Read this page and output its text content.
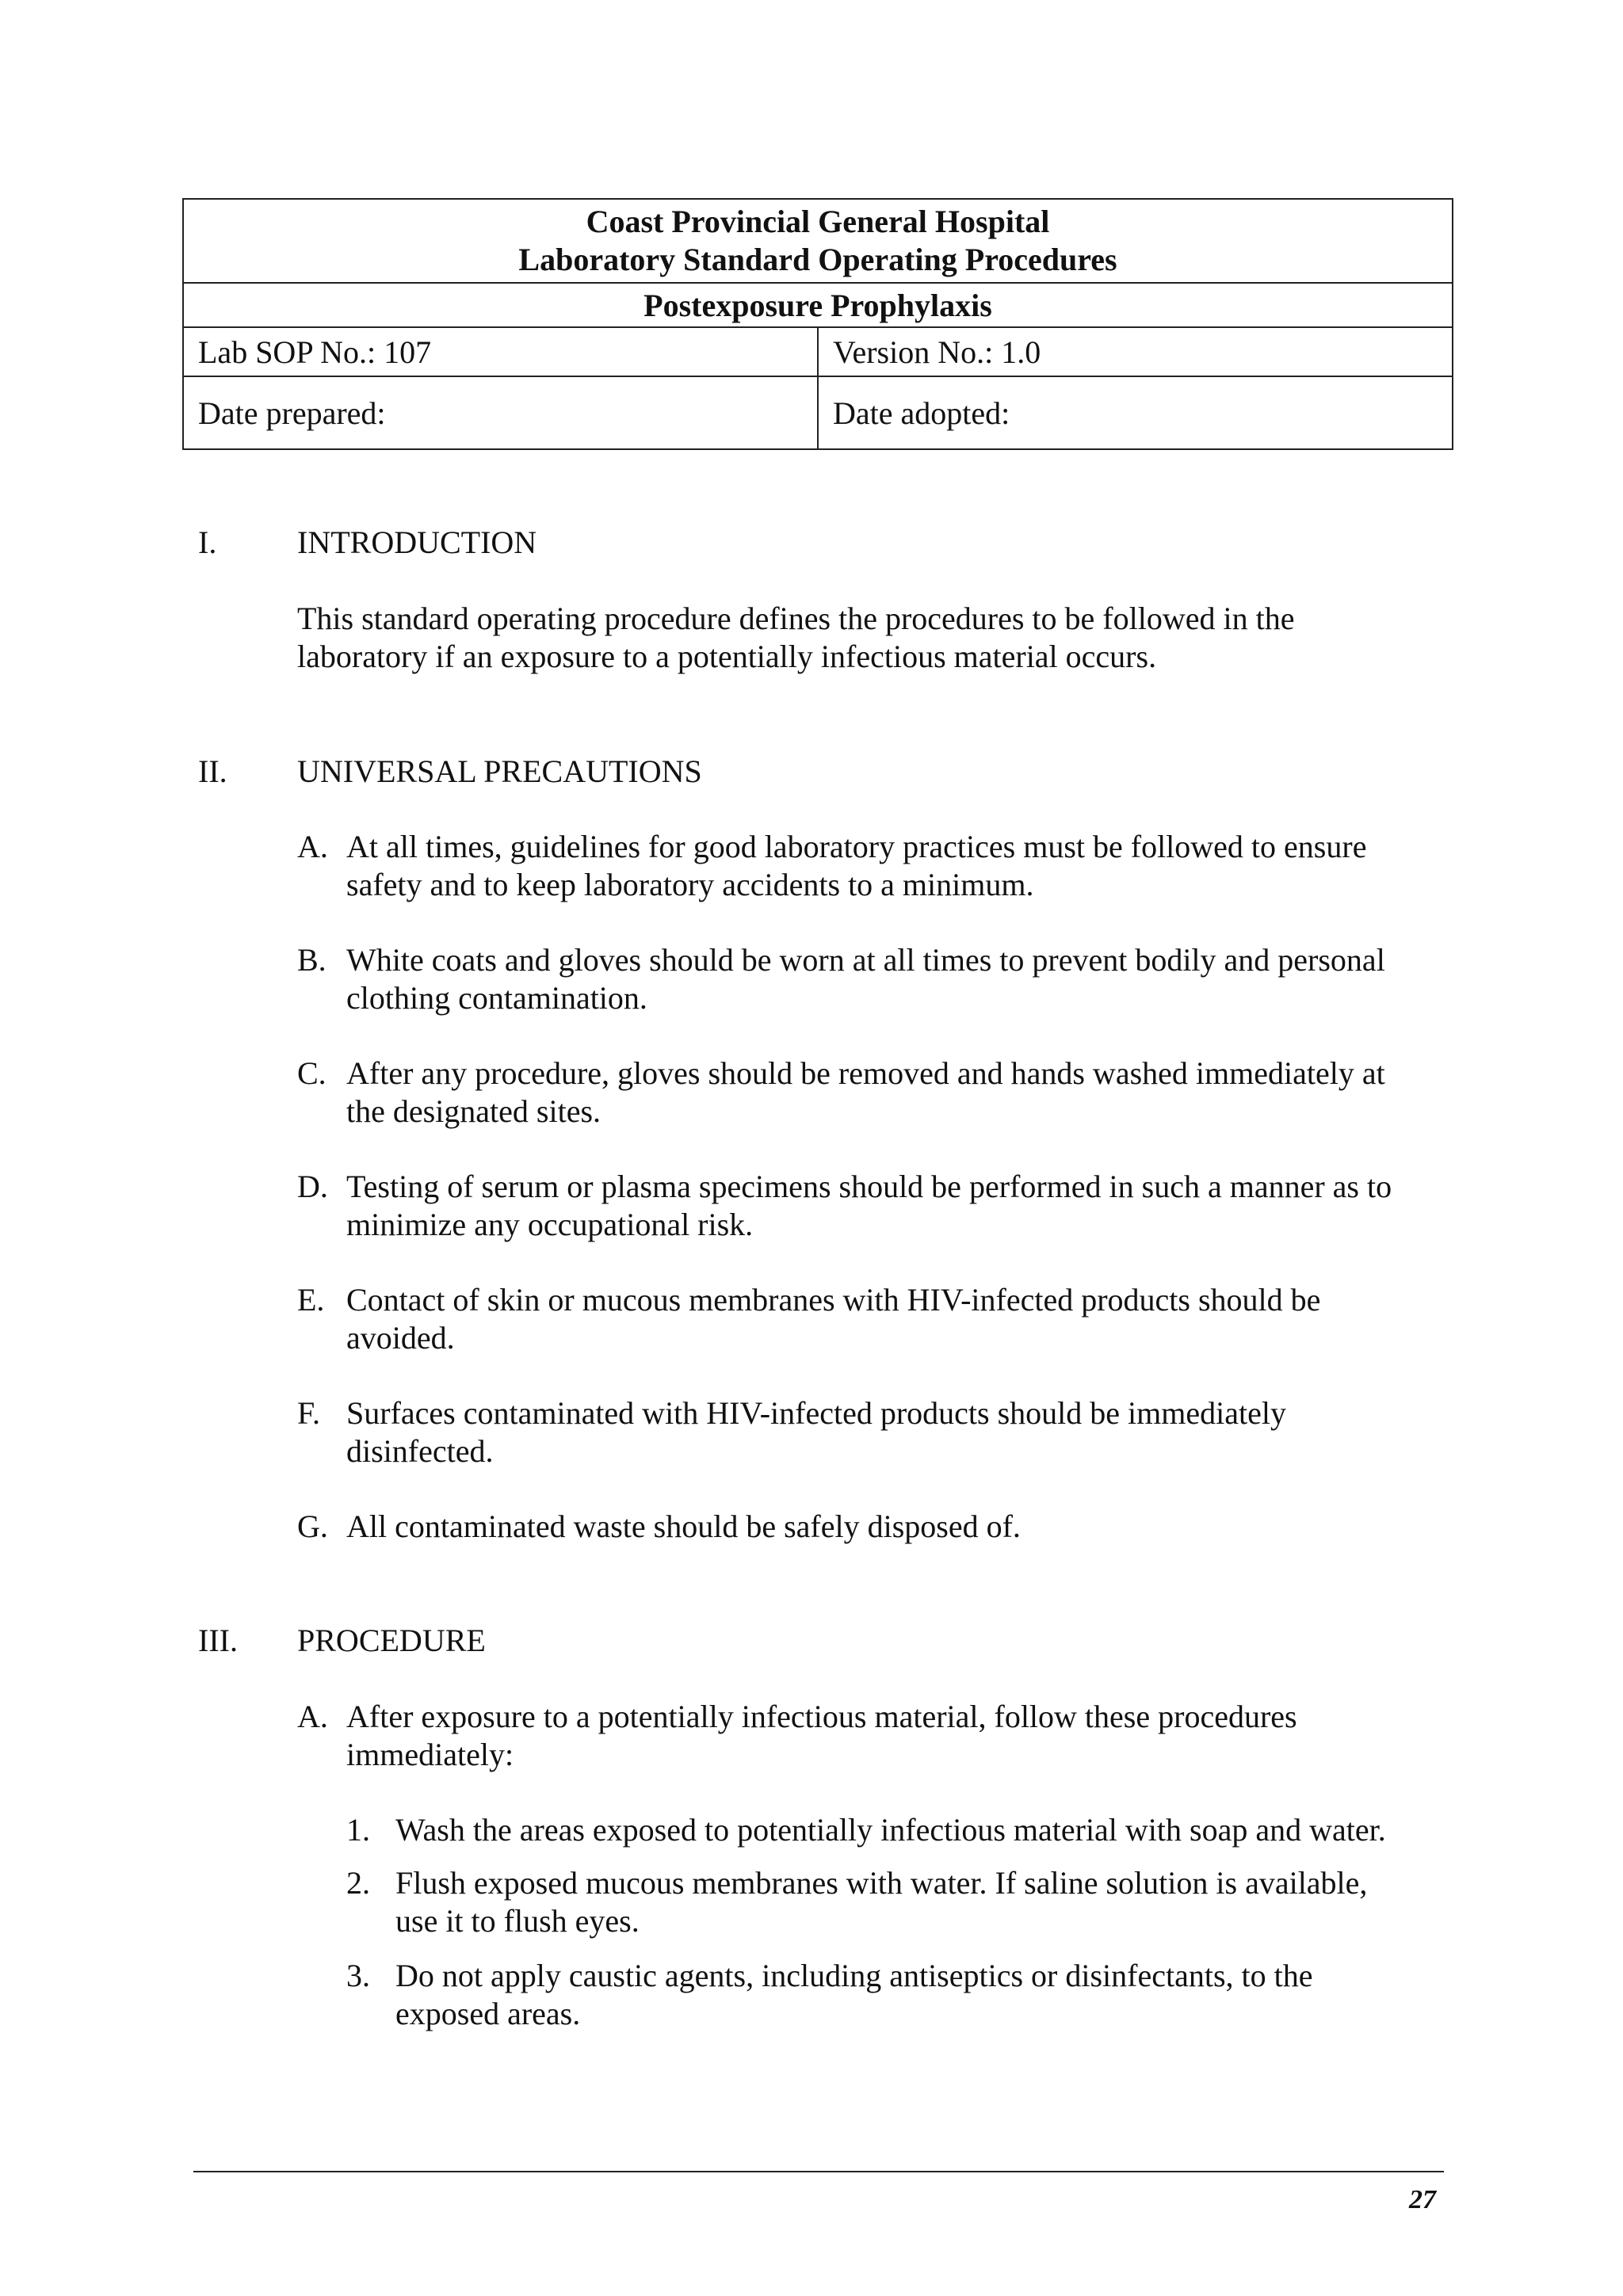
Coast Provincial General Hospital
Laboratory Standard Operating Procedures	

Postexposure Prophylaxis	
Lab SOP No.: 107	Version No.: 1.0
Date prepared:	Date adopted:
I.	INTRODUCTION
This standard operating procedure defines the procedures to be followed in the
laboratory if an exposure to a potentially infectious material occurs.
II. UNIVERSAL PRECAUTIONS
A. At all times, guidelines for good laboratory practices must be followed to ensure
safety and to keep laboratory accidents to a minimum.
B. White coats and gloves should be worn at all times to prevent bodily and personal
clothing contamination.
C. After any procedure, gloves should be removed and hands washed immediately at
the designated sites.
D. Testing of serum or plasma specimens should be performed in such a manner as to
minimize any occupational risk.
E. Contact of skin or mucous membranes with HIV-infected products should be
avoided.
F. Surfaces contaminated with HIV-infected products should be immediately
disinfected.
G. All contaminated waste should be safely disposed of.
III. PROCEDURE
A. After exposure to a potentially infectious material, follow these procedures
immediately:
1. Wash the areas exposed to potentially infectious material with soap and water.
2. Flush exposed mucous membranes with water. If saline solution is available,
use it to flush eyes.
3. Do not apply caustic agents, including antiseptics or disinfectants, to the
exposed areas.
27
